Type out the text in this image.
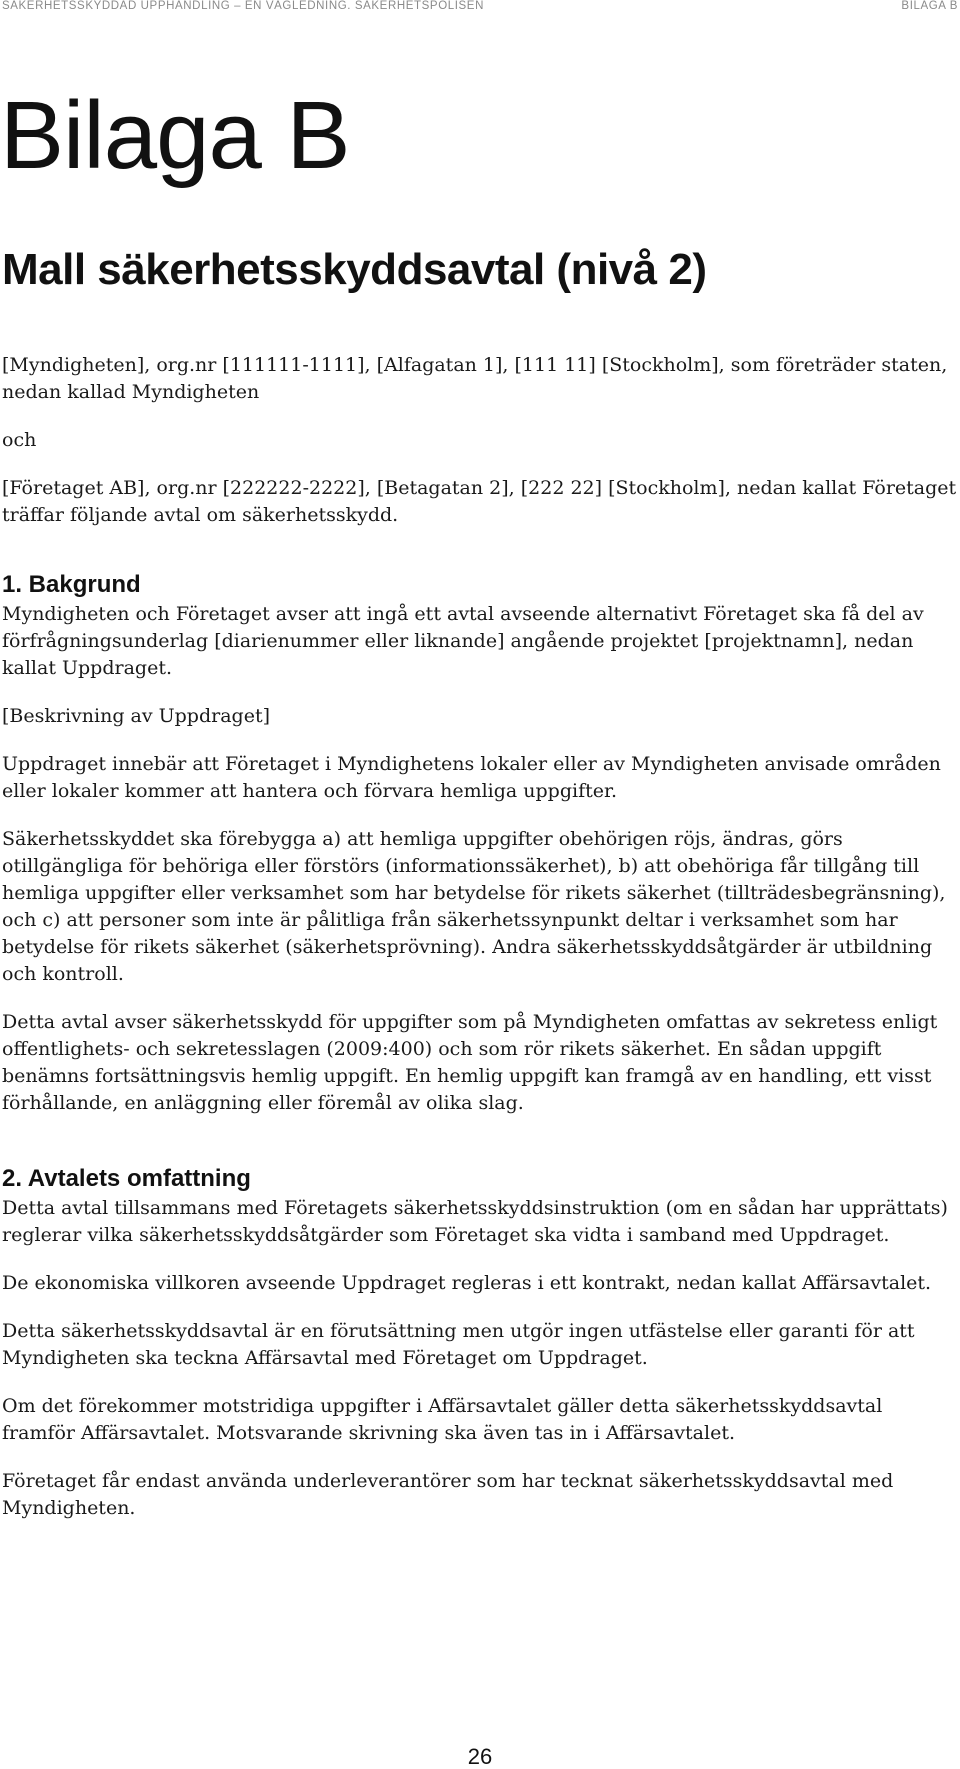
SÄKERHETSSKYDDAD UPPHANDLING – EN VÄGLEDNING. SÄKERHETSPOLISEN	BILAGA B
Bilaga B
Mall säkerhetsskyddsavtal (nivå 2)

[Myndigheten], org.nr [111111-1111], [Alfagatan 1], [111 11] [Stockholm], som företräder staten, nedan kallad Myndigheten

och

[Företaget AB], org.nr [222222-2222], [Betagatan 2], [222 22] [Stockholm], nedan kallat Företaget träffar följande avtal om säkerhetsskydd.

1. Bakgrund

Myndigheten och Företaget avser att ingå ett avtal avseende alternativt Företaget ska få del av förfrågningsunderlag [diarienummer eller liknande] angående projektet [projektnamn], nedan kallat Uppdraget.

[Beskrivning av Uppdraget]

Uppdraget innebär att Företaget i Myndighetens lokaler eller av Myndigheten anvisade områden eller lokaler kommer att hantera och förvara hemliga uppgifter.

Säkerhetsskyddet ska förebygga a) att hemliga uppgifter obehörigen röjs, ändras, görs otillgängliga för behöriga eller förstörs (informationssäkerhet), b) att obehöriga får tillgång till hemliga uppgifter eller verksamhet som har betydelse för rikets säkerhet (tillträdesbegränsning), och c) att personer som inte är pålitliga från säkerhetssynpunkt deltar i verksamhet som har betydelse för rikets säkerhet (säkerhetsprövning). Andra säkerhetsskyddsåtgärder är utbildning och kontroll.

Detta avtal avser säkerhetsskydd för uppgifter som på Myndigheten omfattas av sekretess enligt offentlighets- och sekretesslagen (2009:400) och som rör rikets säkerhet. En sådan uppgift benämns fortsättningsvis hemlig uppgift. En hemlig uppgift kan framgå av en handling, ett visst förhållande, en anläggning eller föremål av olika slag.

2. Avtalets omfattning

Detta avtal tillsammans med Företagets säkerhetsskyddsinstruktion (om en sådan har upprättats) reglerar vilka säkerhetsskyddsåtgärder som Företaget ska vidta i samband med Uppdraget.

De ekonomiska villkoren avseende Uppdraget regleras i ett kontrakt, nedan kallat Affärsavtalet.

Detta säkerhetsskyddsavtal är en förutsättning men utgör ingen utfästelse eller garanti för att Myndigheten ska teckna Affärsavtal med Företaget om Uppdraget.

Om det förekommer motstridiga uppgifter i Affärsavtalet gäller detta säkerhetsskyddsavtal framför Affärsavtalet. Motsvarande skrivning ska även tas in i Affärsavtalet.

Företaget får endast använda underleverantörer som har tecknat säkerhetsskyddsavtal med Myndigheten.

26
